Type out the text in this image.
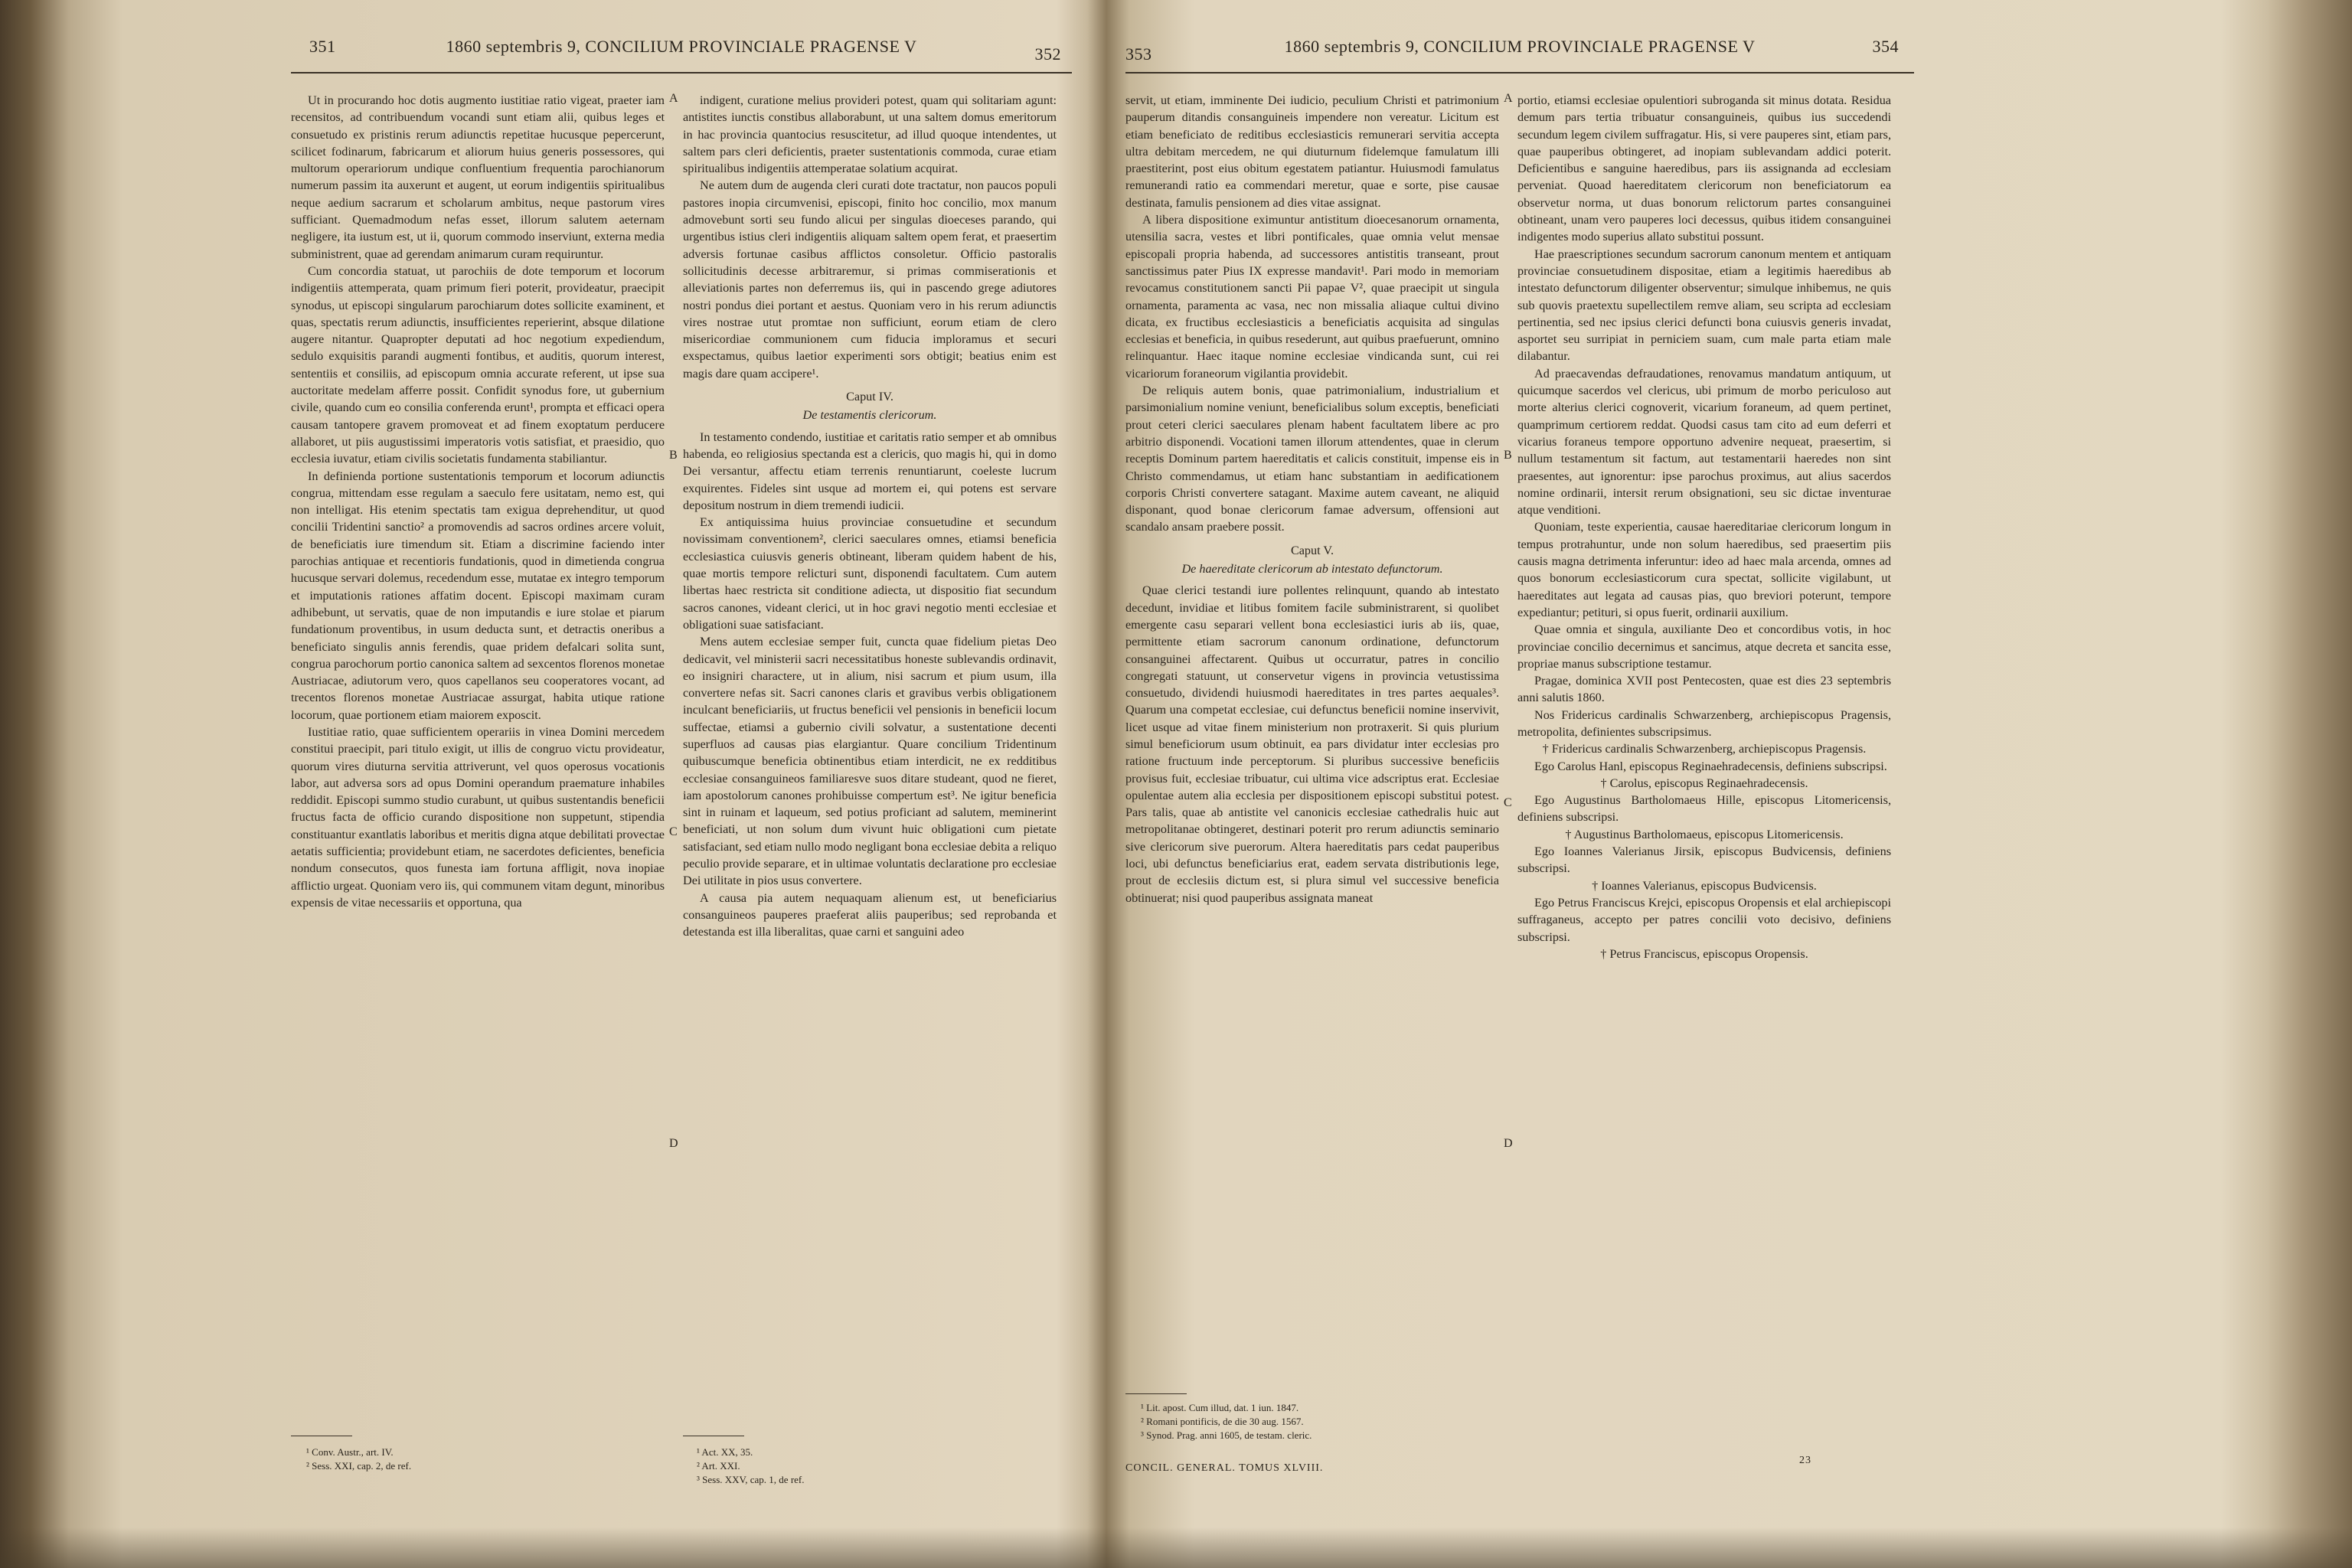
351	1860 septembris 9, CONCILIUM PROVINCIALE PRAGENSE V	352

Ut in procurando hoc dotis augmento iustitiae ratio vigeat, praeter iam recensitos, ad contribuendum vocandi sunt etiam alii, quibus leges et consuetudo ex pristinis rerum adiunctis repetitae hucusque pepercerunt, scilicet fodinarum, fabricarum et aliorum huius generis possessores, qui multorum operariorum undique confluentium frequentia parochianorum numerum passim ita auxerunt et augent, ut eorum indigentiis spiritualibus neque aedium sacrarum et scholarum ambitus, neque pastorum vires sufficiant. Quemadmodum nefas esset, illorum salutem aeternam negligere, ita iustum est, ut ii, quorum commodo inserviunt, externa media subministrent, quae ad gerendam animarum curam requiruntur.

Cum concordia statuat, ut parochiis de dote temporum et locorum indigentiis attemperata, quam primum fieri poterit, provideatur, praecipit synodus, ut episcopi singularum parochiarum dotes sollicite examinent, et quas, spectatis rerum adiunctis, insufficientes reperierint, absque dilatione augere nitantur. Quapropter deputati ad hoc negotium expediendum, sedulo exquisitis parandi augmenti fontibus, et auditis, quorum interest, sententiis et consiliis, ad episcopum omnia accurate referent, ut ipse sua auctoritate medelam afferre possit. Confidit synodus fore, ut gubernium civile, quando cum eo consilia conferenda erunt¹, prompta et efficaci opera causam tantopere gravem promoveat et ad finem exoptatum perducere allaboret, ut piis augustissimi imperatoris votis satisfiat, et praesidio, quo ecclesia iuvatur, etiam civilis societatis fundamenta stabiliantur.

In definienda portione sustentationis temporum et locorum adiunctis congrua, mittendam esse regulam a saeculo fere usitatam, nemo est, qui non intelligat. His etenim spectatis tam exigua deprehenditur, ut quod concilii Tridentini sanctio² a promovendis ad sacros ordines arcere voluit, de beneficiatis iure timendum sit. Etiam a discrimine faciendo inter parochias antiquae et recentioris fundationis, quod in dimetienda congrua hucusque servari dolemus, recedendum esse, mutatae ex integro temporum et imputationis rationes affatim docent. Episcopi maximam curam adhibebunt, ut servatis, quae de non imputandis e iure stolae et piarum fundationum proventibus, in usum deducta sunt, et detractis oneribus a beneficiato singulis annis ferendis, quae pridem defalcari solita sunt, congrua parochorum portio canonica saltem ad sexcentos florenos monetae Austriacae, adiutorum vero, quos capellanos seu cooperatores vocant, ad trecentos florenos monetae Austriacae assurgat, habita utique ratione locorum, quae portionem etiam maiorem exposcit.

Iustitiae ratio, quae sufficientem operariis in vinea Domini mercedem constitui praecipit, pari titulo exigit, ut illis de congruo victu provideatur, quorum vires diuturna servitia attriverunt, vel quos operosus vocationis labor, aut adversa sors ad opus Domini operandum praemature inhabiles reddidit. Episcopi summo studio curabunt, ut quibus sustentandis beneficii fructus facta de officio curando dispositione non suppetunt, stipendia constituantur exantlatis laboribus et meritis digna atque debilitati provectae aetatis sufficientia; providebunt etiam, ne sacerdotes deficientes, beneficia nondum consecutos, quos funesta iam fortuna affligit, nova inopiae afflictio urgeat. Quoniam vero iis, qui communem vitam degunt, minoribus expensis de vitae necessariis et opportuna, qua

¹ Conv. Austr., art. IV.
² Sess. XXI, cap. 2, de ref.
A
B
C
D

indigent, curatione melius provideri potest, quam qui solitariam agunt: antistites iunctis constibus allaborabunt, ut una saltem domus emeritorum in hac provincia quantocius resuscitetur, ad illud quoque intendentes, ut saltem pars cleri deficientis, praeter sustentationis commoda, curae etiam spiritualibus indigentiis attemperatae solatium acquirat.

Ne autem dum de augenda cleri curati dote tractatur, non paucos populi pastores inopia circumvenisi, episcopi, finito hoc concilio, mox manum admovebunt sorti seu fundo alicui per singulas dioeceses parando, qui urgentibus istius cleri indigentiis aliquam saltem opem ferat, et praesertim adversis fortunae casibus afflictos consoletur. Officio pastoralis sollicitudinis decesse arbitraremur, si primas commiserationis et alleviationis partes non deferremus iis, qui in pascendo grege adiutores nostri pondus diei portant et aestus. Quoniam vero in his rerum adiunctis vires nostrae utut promtae non sufficiunt, eorum etiam de clero misericordiae communionem cum fiducia imploramus et securi exspectamus, quibus laetior experimenti sors obtigit; beatius enim est magis dare quam accipere¹.

Caput IV.

De testamentis clericorum.

In testamento condendo, iustitiae et caritatis ratio semper et ab omnibus habenda, eo religiosius spectanda est a clericis, quo magis hi, qui in domo Dei versantur, affectu etiam terrenis renuntiarunt, coeleste lucrum exquirentes. Fideles sint usque ad mortem ei, qui potens est servare depositum nostrum in diem tremendi iudicii.

Ex antiquissima huius provinciae consuetudine et secundum novissimam conventionem², clerici saeculares omnes, etiamsi beneficia ecclesiastica cuiusvis generis obtineant, liberam quidem habent de his, quae mortis tempore relicturi sunt, disponendi facultatem. Cum autem libertas haec restricta sit conditione adiecta, ut dispositio fiat secundum sacros canones, videant clerici, ut in hoc gravi negotio menti ecclesiae et obligationi suae satisfaciant.

Mens autem ecclesiae semper fuit, cuncta quae fidelium pietas Deo dedicavit, vel ministerii sacri necessitatibus honeste sublevandis ordinavit, eo insigniri charactere, ut in alium, nisi sacrum et pium usum, illa convertere nefas sit. Sacri canones claris et gravibus verbis obligationem inculcant beneficiariis, ut fructus beneficii vel pensionis in beneficii locum suffectae, etiamsi a gubernio civili solvatur, a sustentatione decenti superfluos ad causas pias elargiantur. Quare concilium Tridentinum quibuscumque beneficia obtinentibus etiam interdicit, ne ex redditibus ecclesiae consanguineos familiaresve suos ditare studeant, quod ne fieret, iam apostolorum canones prohibuisse compertum est³. Ne igitur beneficia sint in ruinam et laqueum, sed potius proficiant ad salutem, meminerint beneficiati, ut non solum dum vivunt huic obligationi cum pietate satisfaciant, sed etiam nullo modo negligant bona ecclesiae debita a reliquo peculio provide separare, et in ultimae voluntatis declaratione pro ecclesiae Dei utilitate in pios usus convertere.

A causa pia autem nequaquam alienum est, ut beneficiarius consanguineos pauperes praeferat aliis pauperibus; sed reprobanda et detestanda est illa liberalitas, quae carni et sanguini adeo

¹ Act. XX, 35.
² Art. XXI.
³ Sess. XXV, cap. 1, de ref.
353	1860 septembris 9, CONCILIUM PROVINCIALE PRAGENSE V	354

servit, ut etiam, imminente Dei iudicio, peculium Christi et patrimonium pauperum ditandis consanguineis impendere non vereatur. Licitum est etiam beneficiato de reditibus ecclesiasticis remunerari servitia accepta ultra debitam mercedem, ne qui diuturnum fidelemque famulatum illi praestiterint, post eius obitum egestatem patiantur. Huiusmodi famulatus remunerandi ratio ea commendari meretur, quae e sorte, pise causae destinata, famulis pensionem ad dies vitae assignat.

A libera dispositione eximuntur antistitum dioecesanorum ornamenta, utensilia sacra, vestes et libri pontificales, quae omnia velut mensae episcopali propria habenda, ad successores antistitis transeant, prout sanctissimus pater Pius IX expresse mandavit¹. Pari modo in memoriam revocamus constitutionem sancti Pii papae V², quae praecipit ut singula ornamenta, paramenta ac vasa, nec non missalia aliaque cultui divino dicata, ex fructibus ecclesiasticis a beneficiatis acquisita ad singulas ecclesias et beneficia, in quibus resederunt, aut quibus praefuerunt, omnino relinquantur. Haec itaque nomine ecclesiae vindicanda sunt, cui rei vicariorum foraneorum vigilantia providebit.

De reliquis autem bonis, quae patrimonialium, industrialium et parsimonialium nomine veniunt, beneficialibus solum exceptis, beneficiati prout ceteri clerici saeculares plenam habent facultatem libere ac pro arbitrio disponendi. Vocationi tamen illorum attendentes, quae in clerum receptis Dominum partem haereditatis et calicis constituit, impense eis in Christo commendamus, ut etiam hanc substantiam in aedificationem corporis Christi convertere satagant. Maxime autem caveant, ne aliquid disponant, quod bonae clericorum famae adversum, offensioni aut scandalo ansam praebere possit.

Caput V.

De haereditate clericorum ab intestato defunctorum.

Quae clerici testandi iure pollentes relinquunt, quando ab intestato decedunt, invidiae et litibus fomitem facile subministrarent, si quolibet emergente casu separari vellent bona ecclesiastici iuris ab iis, quae, permittente etiam sacrorum canonum ordinatione, defunctorum consanguinei affectarent. Quibus ut occurratur, patres in concilio congregati statuunt, ut conservetur vigens in provincia vetustissima consuetudo, dividendi huiusmodi haereditates in tres partes aequales³. Quarum una competat ecclesiae, cui defunctus beneficii nomine inservivit, licet usque ad vitae finem ministerium non protraxerit. Si quis plurium simul beneficiorum usum obtinuit, ea pars dividatur inter ecclesias pro ratione fructuum inde perceptorum. Si pluribus successive beneficiis provisus fuit, ecclesiae tribuatur, cui ultima vice adscriptus erat. Ecclesiae opulentae autem alia ecclesia per dispositionem episcopi substitui potest. Pars talis, quae ab antistite vel canonicis ecclesiae cathedralis huic aut metropolitanae obtingeret, destinari poterit pro rerum adiunctis seminario sive clericorum sive puerorum. Altera haereditatis pars cedat pauperibus loci, ubi defunctus beneficiarius erat, eadem servata distributionis lege, prout de ecclesiis dictum est, si plura simul vel successive beneficia obtinuerat; nisi quod pauperibus assignata maneat

¹ Lit. apost. Cum illud, dat. 1 iun. 1847.
² Romani pontificis, de die 30 aug. 1567.
³ Synod. Prag. anni 1605, de testam. cleric.
CONCIL. GENERAL. TOMUS XLVIII.
A
B
C
D

portio, etiamsi ecclesiae opulentiori subroganda sit minus dotata. Residua demum pars tertia tribuatur consanguineis, quibus ius succedendi secundum legem civilem suffragatur. His, si vere pauperes sint, etiam pars, quae pauperibus obtingeret, ad inopiam sublevandam addici poterit. Deficientibus e sanguine haeredibus, pars iis assignanda ad ecclesiam perveniat. Quoad haereditatem clericorum non beneficiatorum ea observetur norma, ut duas bonorum relictorum partes consanguinei obtineant, unam vero pauperes loci decessus, quibus itidem consanguinei indigentes modo superius allato substitui possunt.

Hae praescriptiones secundum sacrorum canonum mentem et antiquam provinciae consuetudinem dispositae, etiam a legitimis haeredibus ab intestato defunctorum diligenter observentur; simulque inhibemus, ne quis sub quovis praetextu supellectilem remve aliam, seu scripta ad ecclesiam pertinentia, sed nec ipsius clerici defuncti bona cuiusvis generis invadat, asportet seu surripiat in perniciem suam, cum male parta etiam male dilabantur.

Ad praecavendas defraudationes, renovamus mandatum antiquum, ut quicumque sacerdos vel clericus, ubi primum de morbo periculoso aut morte alterius clerici cognoverit, vicarium foraneum, ad quem pertinet, quamprimum certiorem reddat. Quodsi casus tam cito ad eum deferri et vicarius foraneus tempore opportuno advenire nequeat, praesertim, si nullum testamentum sit factum, aut testamentarii haeredes non sint praesentes, aut ignorentur: ipse parochus proximus, aut alius sacerdos nomine ordinarii, intersit rerum obsignationi, seu sic dictae inventurae atque venditioni.

Quoniam, teste experientia, causae haereditariae clericorum longum in tempus protrahuntur, unde non solum haeredibus, sed praesertim piis causis magna detrimenta inferuntur: ideo ad haec mala arcenda, omnes ad quos bonorum ecclesiasticorum cura spectat, sollicite vigilabunt, ut haereditates aut legata ad causas pias, quo breviori poterunt, tempore expediantur; petituri, si opus fuerit, ordinarii auxilium.

Quae omnia et singula, auxiliante Deo et concordibus votis, in hoc provinciae concilio decernimus et sancimus, atque decreta et sancita esse, propriae manus subscriptione testamur.

Pragae, dominica XVII post Pentecosten, quae est dies 23 septembris anni salutis 1860.

Nos Fridericus cardinalis Schwarzenberg, archiepiscopus Pragensis, metropolita, definientes subscripsimus.

† Fridericus cardinalis Schwarzenberg, archiepiscopus Pragensis.

Ego Carolus Hanl, episcopus Reginaehradecensis, definiens subscripsi.

† Carolus, episcopus Reginaehradecensis.

Ego Augustinus Bartholomaeus Hille, episcopus Litomericensis, definiens subscripsi.

† Augustinus Bartholomaeus, episcopus Litomericensis.

Ego Ioannes Valerianus Jirsik, episcopus Budvicensis, definiens subscripsi.

† Ioannes Valerianus, episcopus Budvicensis.

Ego Petrus Franciscus Krejci, episcopus Oropensis et elal archiepiscopi suffraganeus, accepto per patres concilii voto decisivo, definiens subscripsi.

† Petrus Franciscus, episcopus Oropensis.

23
